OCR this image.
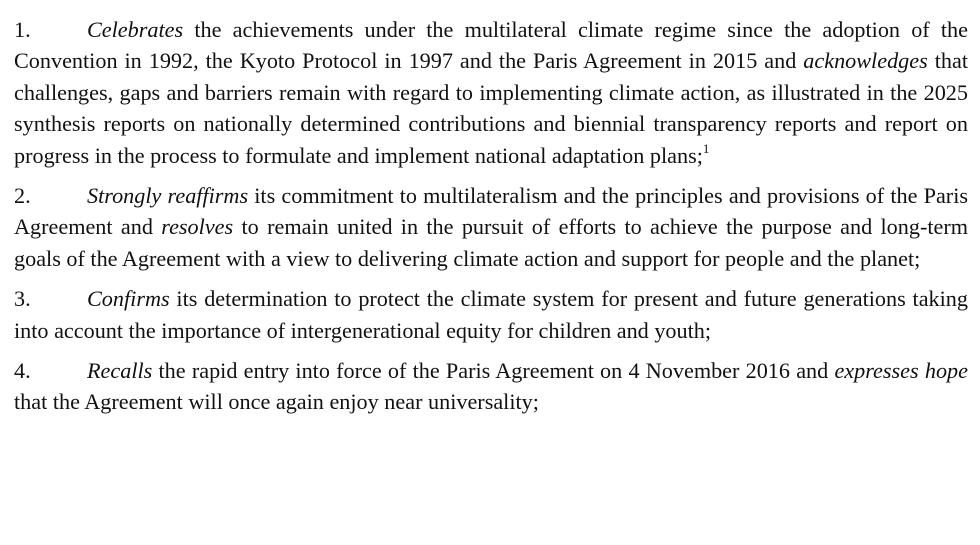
1.	Celebrates the achievements under the multilateral climate regime since the adoption of the Convention in 1992, the Kyoto Protocol in 1997 and the Paris Agreement in 2015 and acknowledges that challenges, gaps and barriers remain with regard to implementing climate action, as illustrated in the 2025 synthesis reports on nationally determined contributions and biennial transparency reports and report on progress in the process to formulate and implement national adaptation plans;$^1$

2.	Strongly reaffirms its commitment to multilateralism and the principles and provisions of the Paris Agreement and resolves to remain united in the pursuit of efforts to achieve the purpose and long-term goals of the Agreement with a view to delivering climate action and support for people and the planet;

3.	Confirms its determination to protect the climate system for present and future generations taking into account the importance of intergenerational equity for children and youth;

4.	Recalls the rapid entry into force of the Paris Agreement on 4 November 2016 and expresses hope that the Agreement will once again enjoy near universality;
